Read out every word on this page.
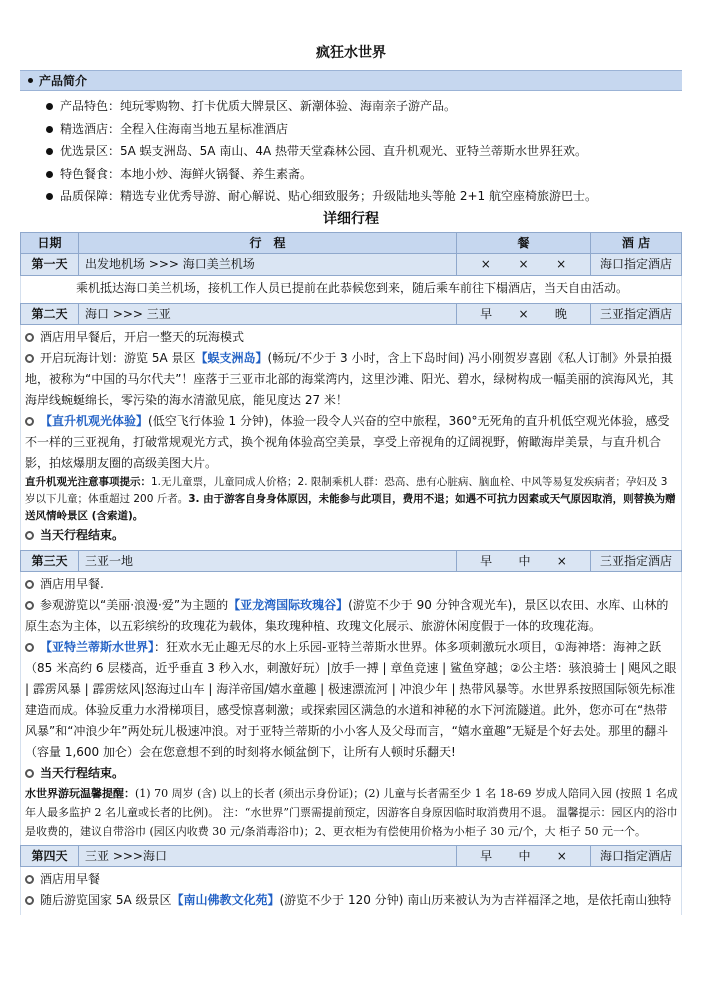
疯狂水世界
产品简介
产品特色：纯玩零购物、打卡优质大牌景区、新潮体验、海南亲子游产品。
精选酒店：全程入住海南当地五星标准酒店
优选景区：5A 蜈支洲岛、5A 南山、4A 热带天堂森林公园、直升机观光、亚特兰蒂斯水世界狂欢。
特色餐食：本地小炒、海鲜火锅餐、养生素斋。
品质保障：精选专业优秀导游、耐心解说、贴心细致服务；升级陆地头等舱 2+1 航空座椅旅游巴士。
详细行程
日期	行　程	餐	酒 店
第一天	出发地机场 >>> 海口美兰机场	× × ×	海口指定酒店

乘机抵达海口美兰机场，接机工作人员已提前在此恭候您到来，随后乘车前往下榻酒店，当天自由活动。

第二天	海口 >>> 三亚	早 × 晚	三亚指定酒店

酒店用早餐后，开启一整天的玩海模式

开启玩海计划：游览 5A 景区【蜈支洲岛】(畅玩/不少于 3 小时，含上下岛时间) 冯小刚贺岁喜剧《私人订制》外景拍摄地，被称为“中国的马尔代夫”！座落于三亚市北部的海棠湾内，这里沙滩、阳光、碧水，绿树构成一幅美丽的滨海风光，其海岸线蜿蜒绵长，零污染的海水清澈见底，能见度达 27 米！

【直升机观光体验】(低空飞行体验 1 分钟)，体验一段令人兴奋的空中旅程，360°无死角的直升机低空观光体验，感受不一样的三亚视角，打破常规观光方式，换个视角体验高空美景，享受上帝视角的辽阔视野，俯瞰海岸美景，与直升机合影，拍炫爆朋友圈的高级美图大片。

直升机观光注意事项提示：1.无儿童票，儿童同成人价格；2. 限制乘机人群：恐高、患有心脏病、脑血栓、中风等易复发疾病者；孕妇及 3 岁以下儿童；体重超过 200 斤者。3. 由于游客自身身体原因，未能参与此项目，费用不退；如遇不可抗力因素或天气原因取消，则替换为赠送风情岭景区 (含索道)。

当天行程结束。

第三天	三亚一地	早 中 ×	三亚指定酒店

酒店用早餐.

参观游览以“美丽·浪漫·爱”为主题的【亚龙湾国际玫瑰谷】(游览不少于 90 分钟含观光车)，景区以农田、水库、山林的原生态为主体，以五彩缤纷的玫瑰花为载体，集玫瑰种植、玫瑰文化展示、旅游休闲度假于一体的玫瑰花海。

【亚特兰蒂斯水世界】：狂欢水无止趣无尽的水上乐园-亚特兰蒂斯水世界。体多项刺激玩水项目，①海神塔：海神之跃（85 米高约 6 层楼高，近乎垂直 3 秒入水，刺激好玩）|放手一搏 | 章鱼竞速 | 鲨鱼穿越；②公主塔：骇浪骑士 | 飓风之眼 | 霹雳风暴 | 霹雳炫风|怒海过山车 | 海洋帝国/嬉水童趣 | 极速漂流河 | 冲浪少年 | 热带风暴等。水世界系按照国际领先标准建造而成。体验反重力水滑梯项目，感受惊喜刺激；或探索园区满急的水道和神秘的水下河流隧道。此外，您亦可在“热带风暴”和“冲浪少年”两处玩儿极速冲浪。对于亚特兰蒂斯的小小客人及父母而言，“嬉水童趣”无疑是个好去处。那里的翻斗（容量 1,600 加仑）会在您意想不到的时刻将水倾盆倒下，让所有人顿时乐翻天!

当天行程结束。

水世界游玩温馨提醒：(1) 70 周岁 (含) 以上的长者 (须出示身份证)；(2) 儿童与长者需至少 1 名 18-69 岁成人陪同入园 (按照 1 名成年人最多监护 2 名儿童或长者的比例)。 注：“水世界”门票需提前预定，因游客自身原因临时取消费用不退。 温馨提示：园区内的浴巾是收费的，建议自带浴巾 (园区内收费 30 元/条消毒浴巾)；2、更衣柜为有偿使用价格为小柜子 30 元/个，大 柜子 50 元一个。

第四天	三亚 >>>海口	早 中 ×	海口指定酒店

酒店用早餐

随后游览国家 5A 级景区【南山佛教文化苑】(游览不少于 120 分钟) 南山历来被认为为吉祥福泽之地，是依托南山独特
